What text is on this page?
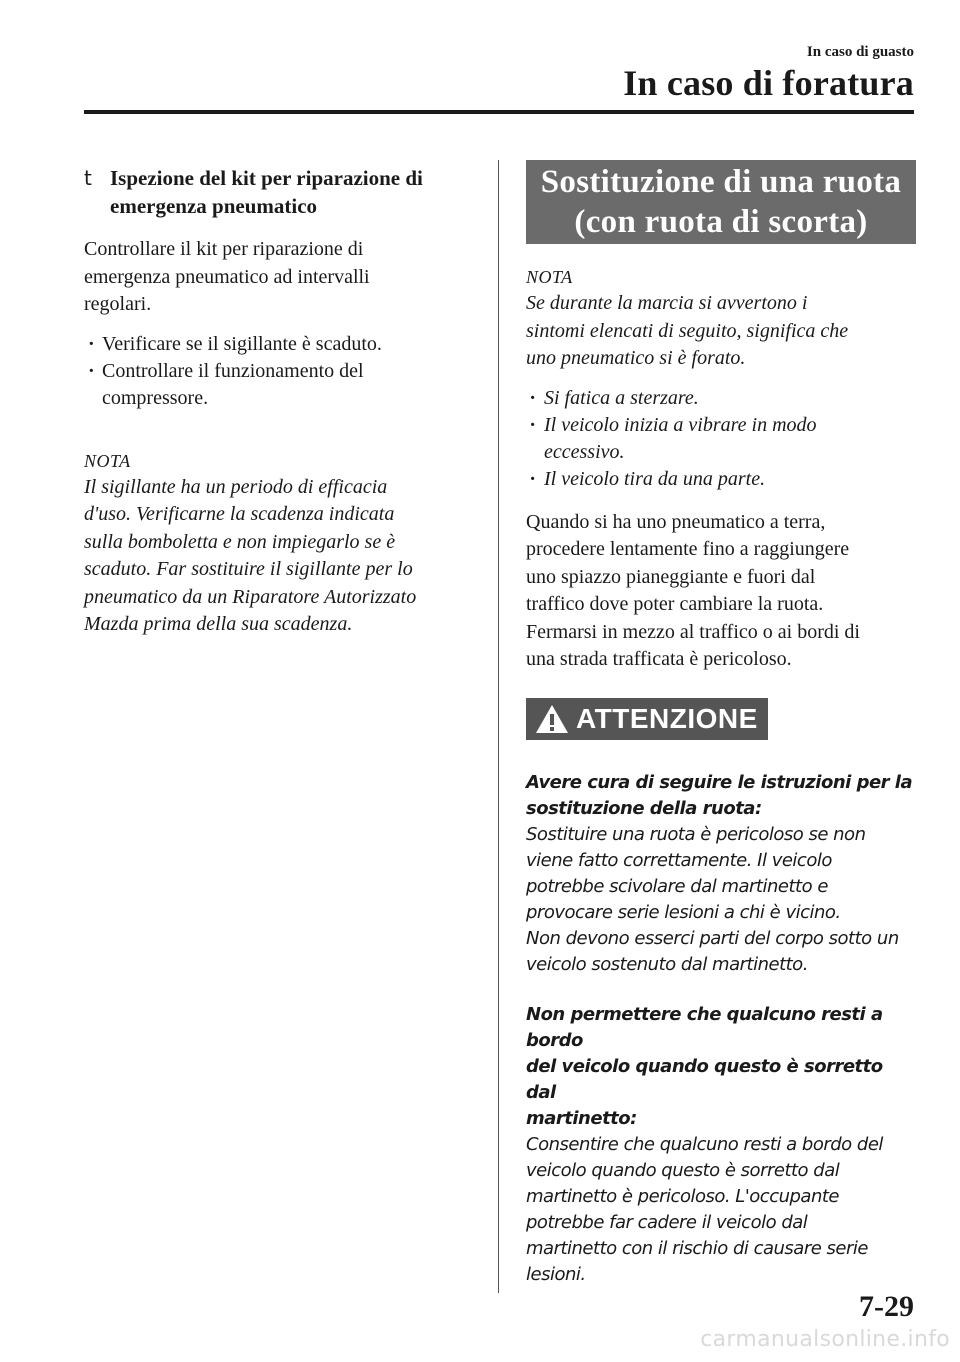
In caso di guasto
In caso di foratura
t Ispezione del kit per riparazione di
emergenza pneumatico

Controllare il kit per riparazione di

emergenza pneumatico ad intervalli

regolari.

· Verificare se il sigillante è scaduto.
· Controllare il funzionamento del
compressore.

NOTA

Il sigillante ha un periodo di efficacia

d'uso. Verificarne la scadenza indicata

sulla bomboletta e non impiegarlo se è

scaduto. Far sostituire il sigillante per lo

pneumatico da un Riparatore Autorizzato

Mazda prima della sua scadenza.

Sostituzione di una ruota
(con ruota di scorta)

NOTA

Se durante la marcia si avvertono i

sintomi elencati di seguito, significa che

uno pneumatico si è forato.

· Si fatica a sterzare.
· Il veicolo inizia a vibrare in modo
eccessivo.
· Il veicolo tira da una parte.

Quando si ha uno pneumatico a terra,

procedere lentamente fino a raggiungere

uno spiazzo pianeggiante e fuori dal

traffico dove poter cambiare la ruota.

Fermarsi in mezzo al traffico o ai bordi di

una strada trafficata è pericoloso.

ATTENZIONE

Avere cura di seguire le istruzioni per la

sostituzione della ruota:

Sostituire una ruota è pericoloso se non

viene fatto correttamente. Il veicolo

potrebbe scivolare dal martinetto e

provocare serie lesioni a chi è vicino.

Non devono esserci parti del corpo sotto un

veicolo sostenuto dal martinetto.

Non permettere che qualcuno resti a bordo

del veicolo quando questo è sorretto dal

martinetto:

Consentire che qualcuno resti a bordo del

veicolo quando questo è sorretto dal

martinetto è pericoloso. L'occupante

potrebbe far cadere il veicolo dal

martinetto con il rischio di causare serie

lesioni.

7-29
carmanualsonline.info
